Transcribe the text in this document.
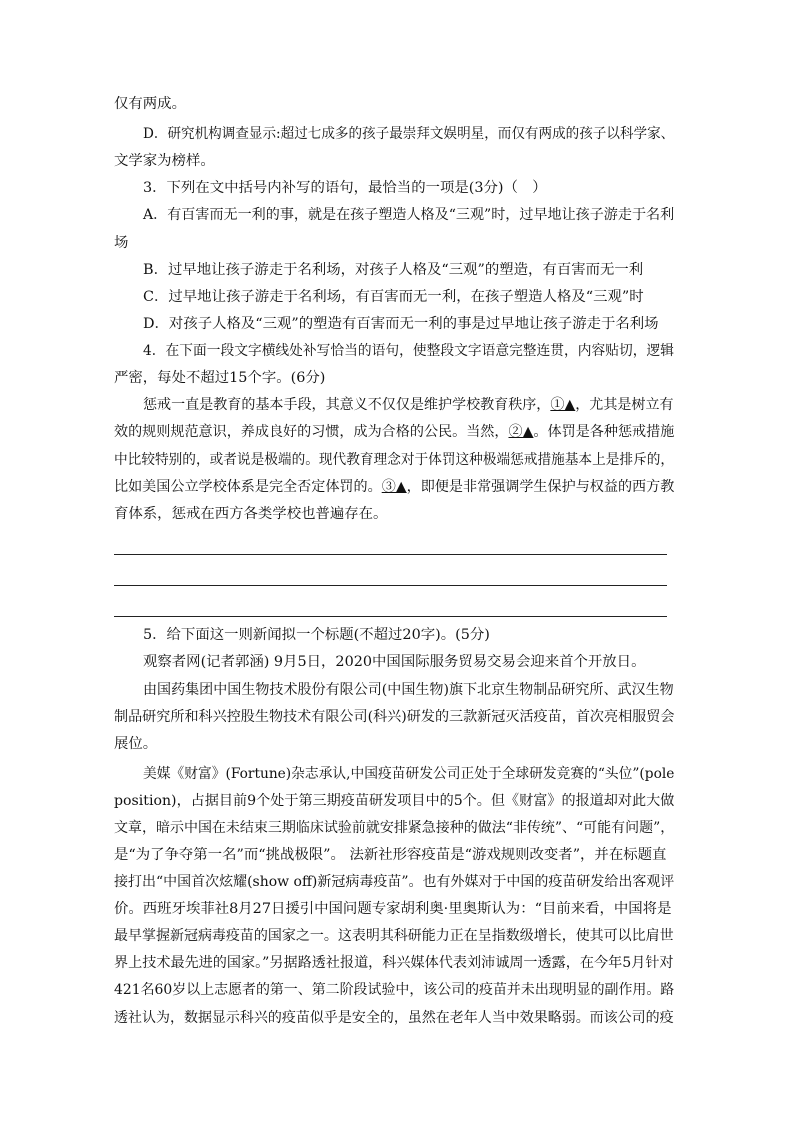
仅有两成。
D．研究机构调查显示:超过七成多的孩子最崇拜文娱明星，而仅有两成的孩子以科学家、
文学家为榜样。
3．下列在文中括号内补写的语句，最恰当的一项是(3分)（　）
A．有百害而无一利的事，就是在孩子塑造人格及“三观”时，过早地让孩子游走于名利
场
B．过早地让孩子游走于名利场，对孩子人格及“三观”的塑造，有百害而无一利
C．过早地让孩子游走于名利场，有百害而无一利，在孩子塑造人格及“三观”时
D．对孩子人格及“三观”的塑造有百害而无一利的事是过早地让孩子游走于名利场
4．在下面一段文字横线处补写恰当的语句，使整段文字语意完整连贯，内容贴切，逻辑
严密，每处不超过15个字。(6分)
惩戒一直是教育的基本手段，其意义不仅仅是维护学校教育秩序，①▲，尤其是树立有
效的规则规范意识，养成良好的习惯，成为合格的公民。当然，②▲。体罚是各种惩戒措施
中比较特别的，或者说是极端的。现代教育理念对于体罚这种极端惩戒措施基本上是排斥的，
比如美国公立学校体系是完全否定体罚的。③▲，即便是非常强调学生保护与权益的西方教
育体系，惩戒在西方各类学校也普遍存在。
5．给下面这一则新闻拟一个标题(不超过20字)。(5分)
观察者网(记者郭涵) 9月5日，2020中国国际服务贸易交易会迎来首个开放日。
由国药集团中国生物技术股份有限公司(中国生物)旗下北京生物制品研究所、武汉生物
制品研究所和科兴控股生物技术有限公司(科兴)研发的三款新冠灭活疫苗，首次亮相服贸会
展位。
美媒《财富》(Fortune)杂志承认,中国疫苗研发公司正处于全球研发竞赛的“头位”(pole
position)，占据目前9个处于第三期疫苗研发项目中的5个。但《财富》的报道却对此大做
文章，暗示中国在未结束三期临床试验前就安排紧急接种的做法“非传统”、“可能有问题”，
是“为了争夺第一名”而“挑战极限”。 法新社形容疫苗是“游戏规则改变者”，并在标题直
接打出“中国首次炫耀(show off)新冠病毒疫苗”。也有外媒对于中国的疫苗研发给出客观评
价。西班牙埃菲社8月27日援引中国问题专家胡利奥·里奥斯认为：“目前来看，中国将是
最早掌握新冠病毒疫苗的国家之一。这表明其科研能力正在呈指数级增长，使其可以比肩世
界上技术最先进的国家。”另据路透社报道，科兴媒体代表刘沛诚周一透露，在今年5月针对
421名60岁以上志愿者的第一、第二阶段试验中，该公司的疫苗并未出现明显的副作用。路
透社认为，数据显示科兴的疫苗似乎是安全的，虽然在老年人当中效果略弱。而该公司的疫
